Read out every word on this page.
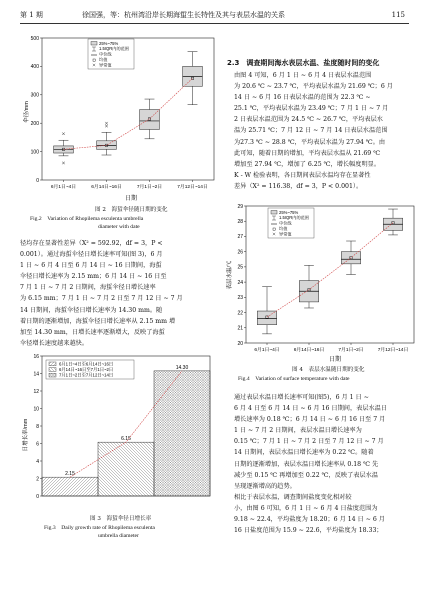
第 1 期	徐国强，等：杭州湾沿岸长期海蜇生长特性及其与表层水温的关系	115
0
100
200
300
400
500
6月1日~4日	6月14日~16日	7月1日~2日	7月12日~14日
25%~75%
1.5IQR内的范围
中位线
均值
异常值
日期
伞径/mm
图 2　海蜇伞径随日期的变化
Fig.2　Variation of Rhopilema esculenta umbrella
diameter with date
径均存在显著性差异（X² = 592.92，df = 3，P <
0.001）。通过海蜇伞径日增长速率可知(图 3)，6 月
1 日 ~ 6 月 4 日至 6 月 14 日 ~ 16 日期间，海蜇
伞径日增长速率为 2.15 mm；6 月 14 日 ~ 16 日至
7 月 1 日 ~ 7 月 2 日期间，海蜇伞径日增长速率
为 6.15 mm；7 月 1 日 ~ 7 月 2 日至 7 月 12 日 ~ 7 月
14 日期间，海蜇伞径日增长速率为 14.30 mm。随
着日期的逐渐增加，海蜇伞径日增长速率从 2.15 mm 增
加至 14.30 mm，日增长速率逐渐增大，反映了海蜇
伞径增长速度越来越快。
0
2
4
6
8
10
12
14
16
2.15
6.15
14.30
6月1日~4日至6月14日~16日
6月14日~16日至7月1日~2日
7月1日~2日至7月12日~14日
日增长率/mm
图 3　海蜇伞径日增长率
Fig.3　Daily growth rate of Rhopilema esculenta
umbrella diameter
2.3　调查期间海水表层水温、盐度随时间的变化
由图 4 可知，6 月 1 日 ~ 6 月 4 日表层水温范围
为 20.6 ℃ ~ 23.7 ℃，平均表层水温为 21.69 ℃；6 月
14 日 ~ 6 月 16 日表层水温的范围为 22.3 ℃ ~
25.1 ℃，平均表层水温为 23.49 ℃；7 月 1 日 ~ 7 月
2 日表层水温范围为 24.5 ℃ ~ 26.7 ℃，平均表层水
温为 25.71 ℃；7 月 12 日 ~ 7 月 14 日表层水温范围
为27.3 ℃ ~ 28.8 ℃，平均表层水温为 27.94 ℃。由
此可知，随着日期的增加，平均表层水温从 21.69 ℃
增加至 27.94 ℃，增加了 6.25 ℃，增长幅度明显。
K - W 检验表明，各日期间表层水温均存在显著性
差异（X² = 116.38，df = 3，P < 0.001）。
20
21
22
23
24
25
26
27
28
29
6月1日~4日	6月14日~16日	7月1日~2日	7月12日~14日
25%~75%
1.5IQR内的范围
中位线
均值
异常值
日期
表层水温/℃
图 4　表层水温随日期的变化
Fig.4　Variation of surface temperature with date
通过表层水温日增长速率可知(图5)，6 月 1 日 ~
6 月 4 日至 6 月 14 日 ~ 6 月 16 日期间，表层水温日
增长速率为 0.18 ℃；6 月 14 日 ~ 6 月 16 日至 7 月
1 日 ~ 7 月 2 日期间，表层水温日增长速率为
0.15 ℃；7 月 1 日 ~ 7 月 2 日至 7 月 12 日 ~ 7 月
14 日期间，表层水温日增长速率为 0.22 ℃。随着
日期的逐渐增加，表层水温日增长速率从 0.18 ℃ 先
减少至 0.15 ℃ 再增加至 0.22 ℃，反映了表层水温
呈现逐渐增高的趋势。
相比于表层水温，调查期间盐度变化相对较
小，由图 6 可知，6 月 1 日 ~ 6 月 4 日盐度范围为
9.18 ~ 22.4，平均盐度为 18.20；6 月 14 日 ~ 6 月
16 日盐度范围为 15.9 ~ 22.6，平均盐度为 18.33；
